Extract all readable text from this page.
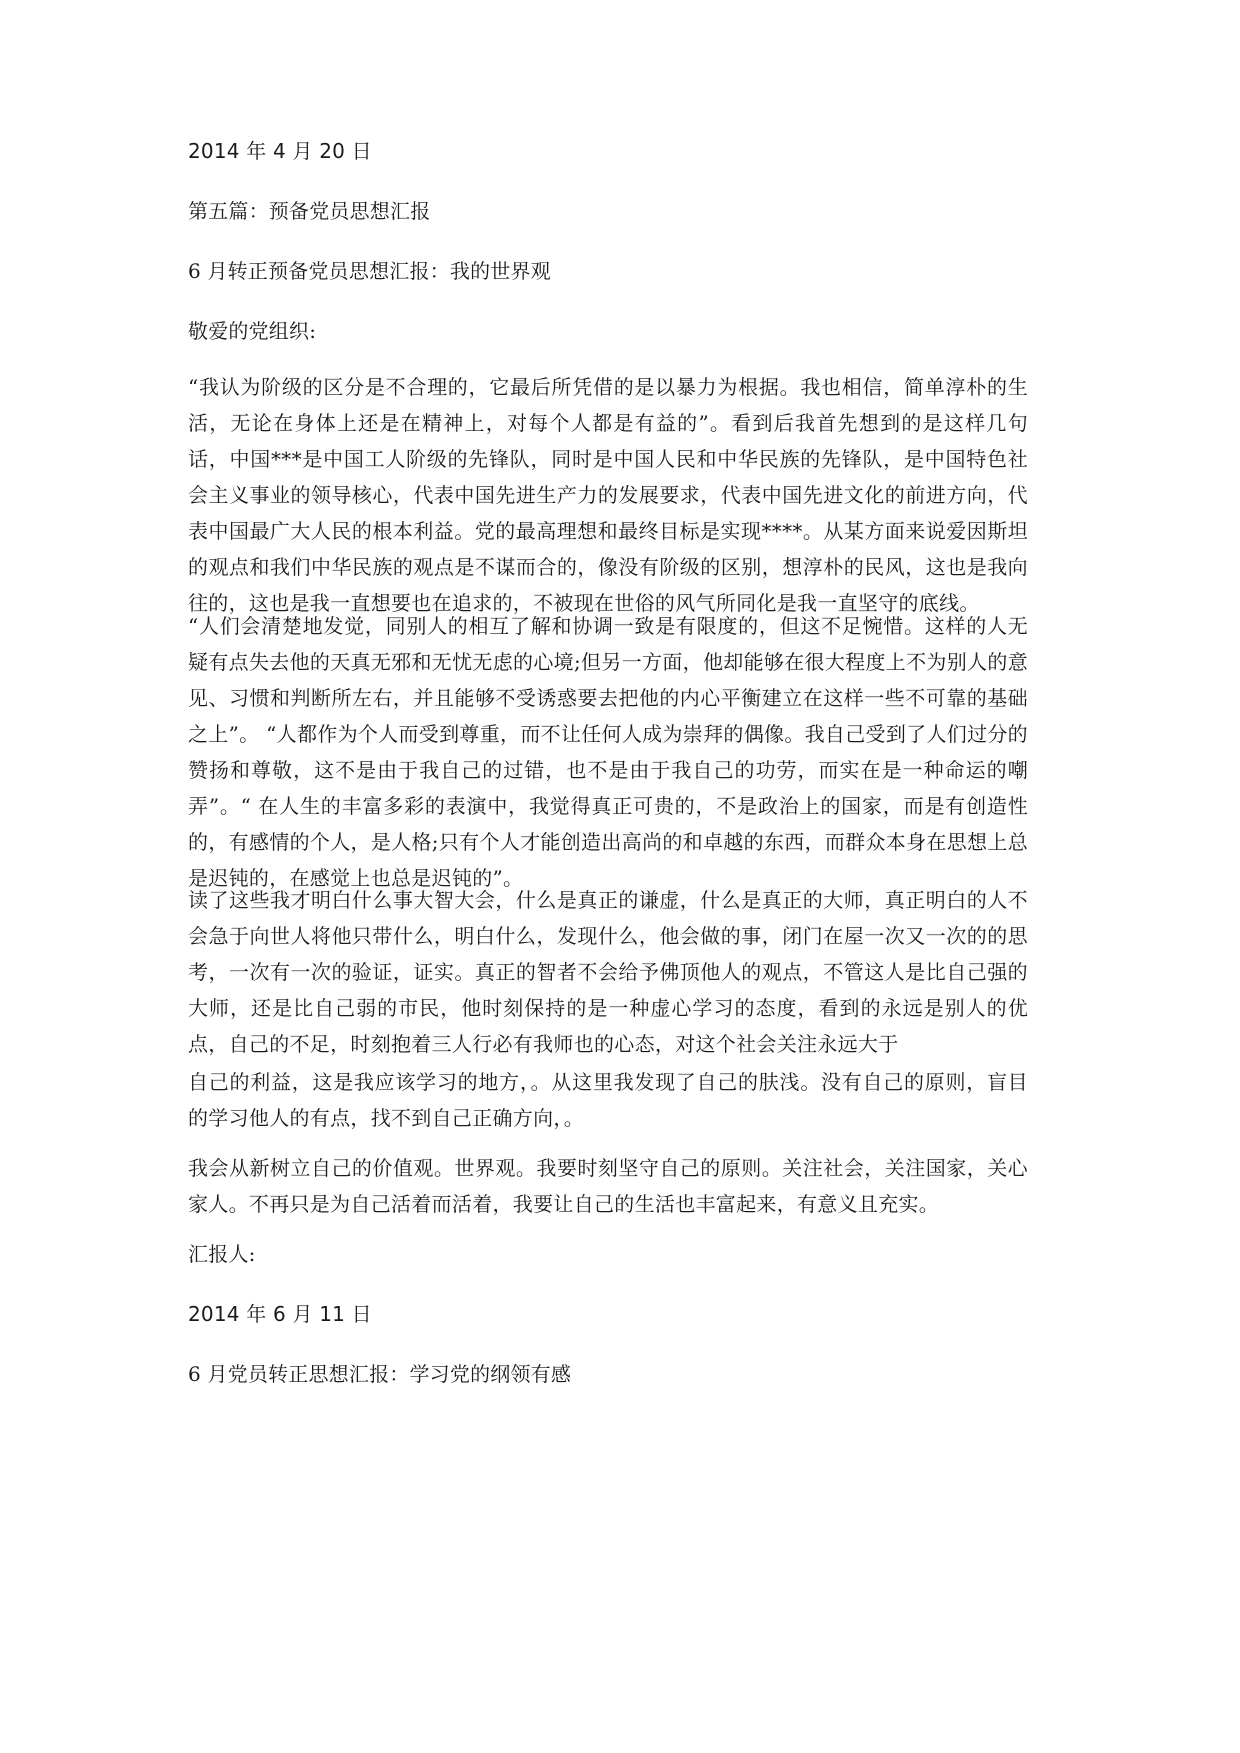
2014 年 4 月 20 日
第五篇：预备党员思想汇报
6 月转正预备党员思想汇报：我的世界观
敬爱的党组织:
“我认为阶级的区分是不合理的，它最后所凭借的是以暴力为根据。我也相信，简单淳朴的生活，无论在身体上还是在精神上，对每个人都是有益的”。看到后我首先想到的是这样几句话，中国***是中国工人阶级的先锋队，同时是中国人民和中华民族的先锋队，是中国特色社会主义事业的领导核心，代表中国先进生产力的发展要求，代表中国先进文化的前进方向，代表中国最广大人民的根本利益。党的最高理想和最终目标是实现****。从某方面来说爱因斯坦的观点和我们中华民族的观点是不谋而合的，像没有阶级的区别，想淳朴的民风，这也是我向往的，这也是我一直想要也在追求的，不被现在世俗的风气所同化是我一直坚守的底线。
“人们会清楚地发觉，同别人的相互了解和协调一致是有限度的，但这不足惋惜。这样的人无疑有点失去他的天真无邪和无忧无虑的心境;但另一方面，他却能够在很大程度上不为别人的意见、习惯和判断所左右，并且能够不受诱惑要去把他的内心平衡建立在这样一些不可靠的基础之上”。 “人都作为个人而受到尊重，而不让任何人成为崇拜的偶像。我自己受到了人们过分的赞扬和尊敬，这不是由于我自己的过错，也不是由于我自己的功劳，而实在是一种命运的嘲弄”。“ 在人生的丰富多彩的表演中，我觉得真正可贵的，不是政治上的国家，而是有创造性的，有感情的个人，是人格;只有个人才能创造出高尚的和卓越的东西，而群众本身在思想上总是迟钝的，在感觉上也总是迟钝的”。
读了这些我才明白什么事大智大会，什么是真正的谦虚，什么是真正的大师，真正明白的人不会急于向世人将他只带什么，明白什么，发现什么，他会做的事，闭门在屋一次又一次的的思考，一次有一次的验证，证实。真正的智者不会给予佛顶他人的观点，不管这人是比自己强的大师，还是比自己弱的市民，他时刻保持的是一种虚心学习的态度，看到的永远是别人的优点，自己的不足，时刻抱着三人行必有我师也的心态，对这个社会关注永远大于
自己的利益，这是我应该学习的地方，。从这里我发现了自己的肤浅。没有自己的原则，盲目的学习他人的有点，找不到自己正确方向，。
我会从新树立自己的价值观。世界观。我要时刻坚守自己的原则。关注社会，关注国家，关心家人。不再只是为自己活着而活着，我要让自己的生活也丰富起来，有意义且充实。
汇报人:
2014 年 6 月 11 日
6 月党员转正思想汇报：学习党的纲领有感
